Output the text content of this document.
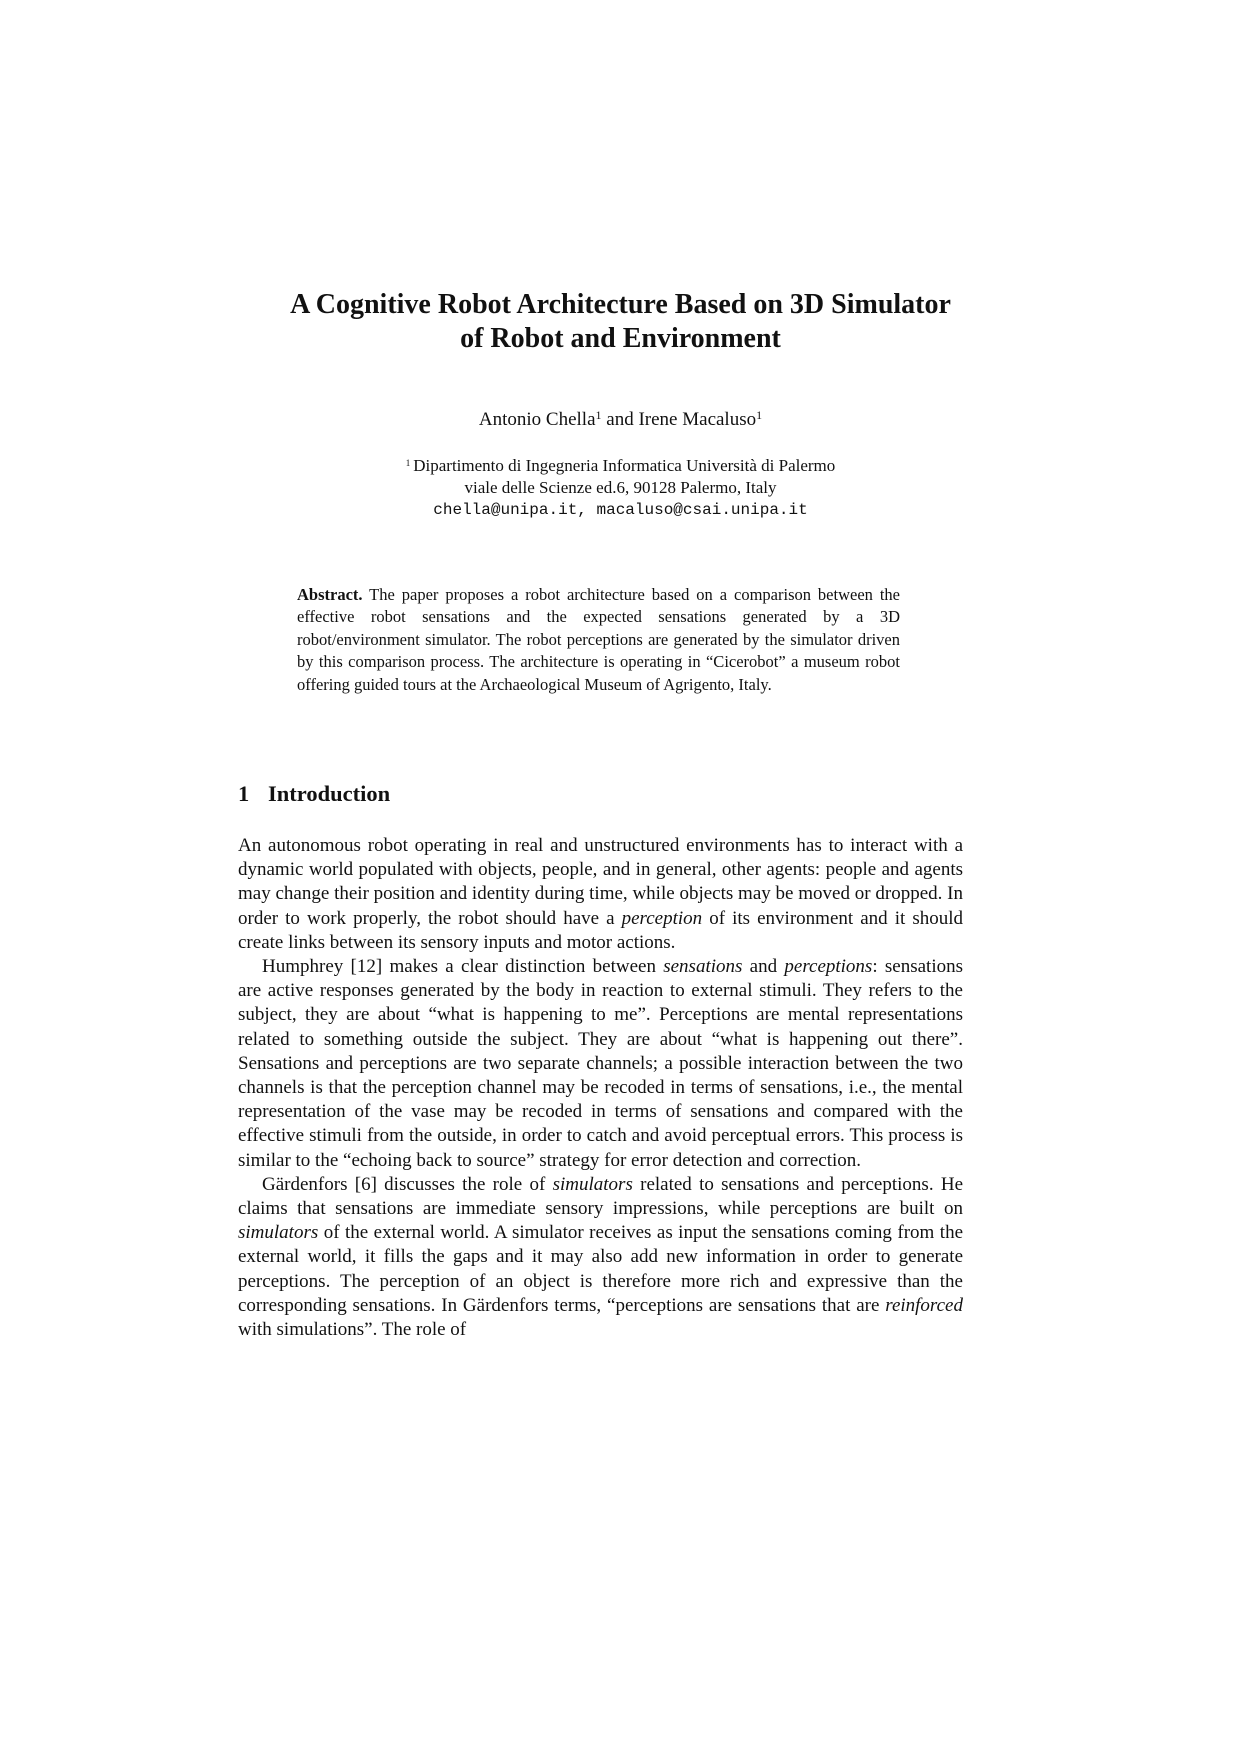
A Cognitive Robot Architecture Based on 3D Simulator
of Robot and Environment
Antonio Chella$^1$ and Irene Macaluso$^1$
$^1$ Dipartimento di Ingegneria Informatica Università di Palermo
viale delle Scienze ed.6, 90128 Palermo, Italy
chella@unipa.it, macaluso@csai.unipa.it
Abstract. The paper proposes a robot architecture based on a comparison between the effective robot sensations and the expected sensations generated by a 3D robot/environment simulator. The robot perceptions are generated by the simulator driven by this comparison process. The architecture is operating in “Cicerobot” a museum robot offering guided tours at the Archaeological Museum of Agrigento, Italy.
1 Introduction

An autonomous robot operating in real and unstructured environments has to interact with a dynamic world populated with objects, people, and in general, other agents: people and agents may change their position and identity during time, while objects may be moved or dropped. In order to work properly, the robot should have a perception of its environment and it should create links between its sensory inputs and motor actions.

Humphrey [12] makes a clear distinction between sensations and perceptions: sensations are active responses generated by the body in reaction to external stimuli. They refers to the subject, they are about “what is happening to me”. Perceptions are mental representations related to something outside the subject. They are about “what is happening out there”. Sensations and perceptions are two separate channels; a possible interaction between the two channels is that the perception channel may be recoded in terms of sensations, i.e., the mental representation of the vase may be recoded in terms of sensations and compared with the effective stimuli from the outside, in order to catch and avoid perceptual errors. This process is similar to the “echoing back to source” strategy for error detection and correction.

Gärdenfors [6] discusses the role of simulators related to sensations and perceptions. He claims that sensations are immediate sensory impressions, while perceptions are built on simulators of the external world. A simulator receives as input the sensations coming from the external world, it fills the gaps and it may also add new information in order to generate perceptions. The perception of an object is therefore more rich and expressive than the corresponding sensations. In Gärdenfors terms, “perceptions are sensations that are reinforced with simulations”. The role of
